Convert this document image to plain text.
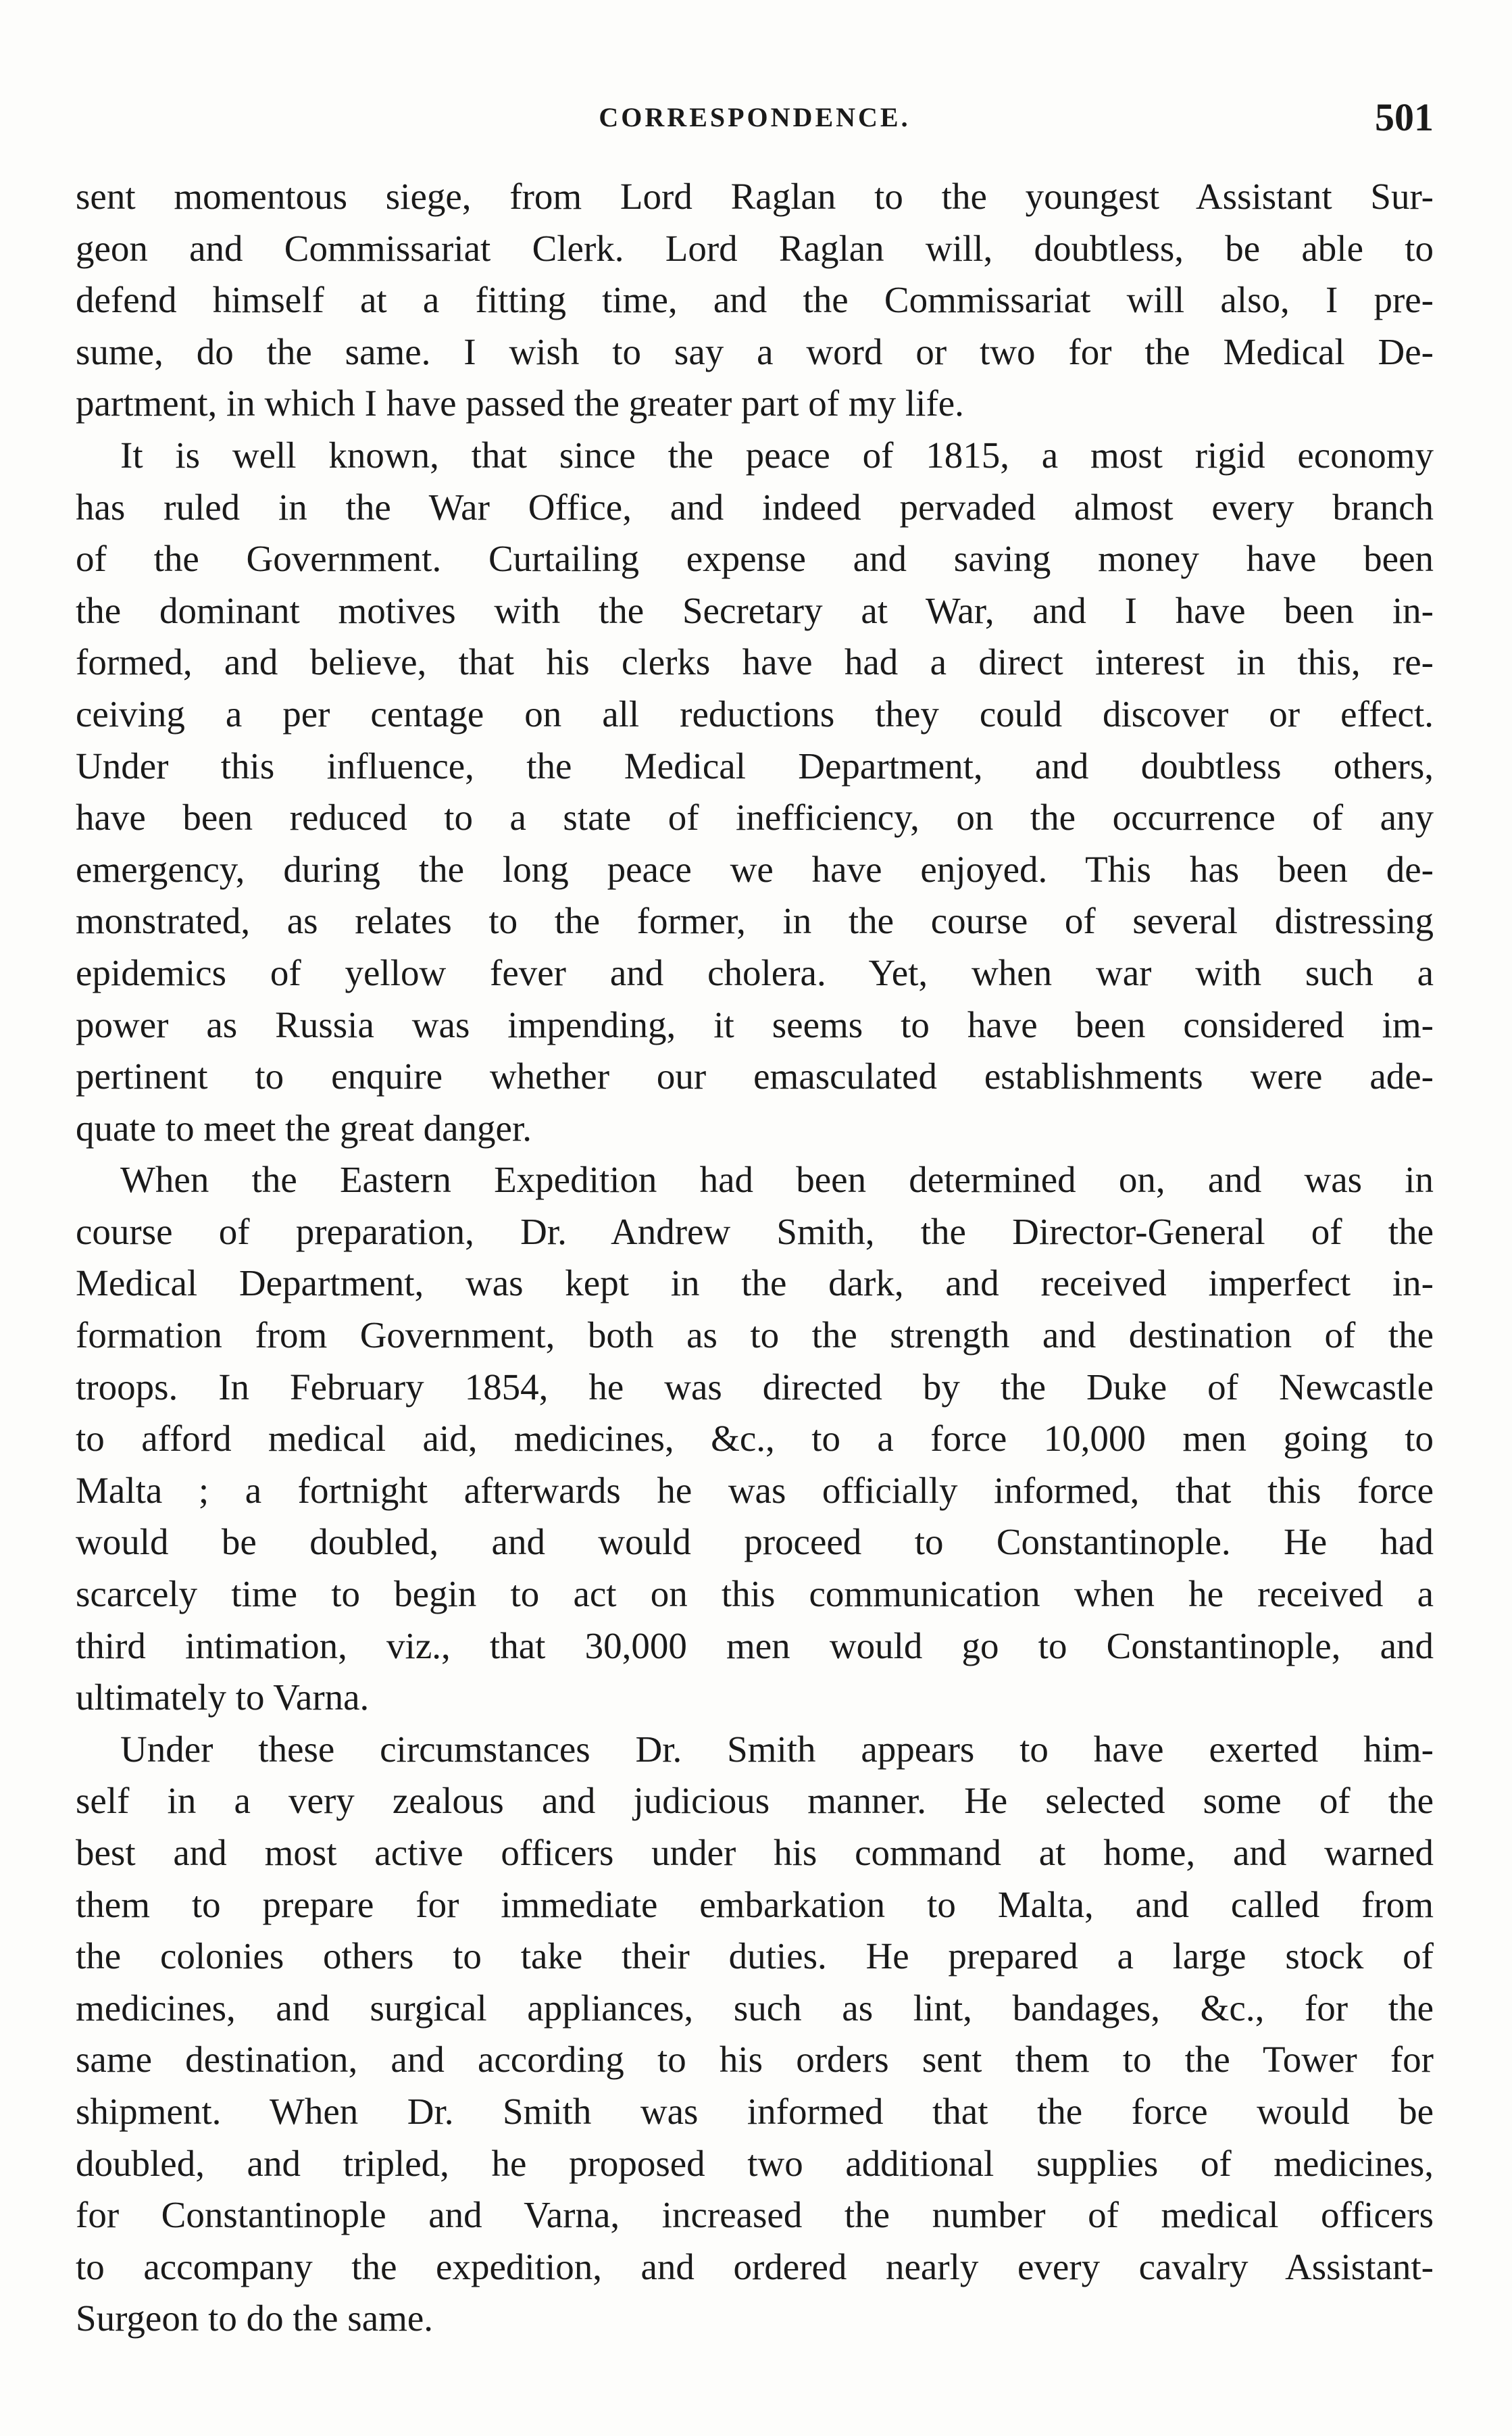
CORRESPONDENCE.	501
sent momentous siege, from Lord Raglan to the youngest Assistant Sur-
geon and Commissariat Clerk. Lord Raglan will, doubtless, be able to
defend himself at a fitting time, and the Commissariat will also, I pre-
sume, do the same. I wish to say a word or two for the Medical De-
partment, in which I have passed the greater part of my life.
It is well known, that since the peace of 1815, a most rigid economy
has ruled in the War Office, and indeed pervaded almost every branch
of the Government. Curtailing expense and saving money have been
the dominant motives with the Secretary at War, and I have been in-
formed, and believe, that his clerks have had a direct interest in this, re-
ceiving a per centage on all reductions they could discover or effect.
Under this influence, the Medical Department, and doubtless others,
have been reduced to a state of inefficiency, on the occurrence of any
emergency, during the long peace we have enjoyed. This has been de-
monstrated, as relates to the former, in the course of several distressing
epidemics of yellow fever and cholera. Yet, when war with such a
power as Russia was impending, it seems to have been considered im-
pertinent to enquire whether our emasculated establishments were ade-
quate to meet the great danger.
When the Eastern Expedition had been determined on, and was in
course of preparation, Dr. Andrew Smith, the Director-General of the
Medical Department, was kept in the dark, and received imperfect in-
formation from Government, both as to the strength and destination of the
troops. In February 1854, he was directed by the Duke of Newcastle
to afford medical aid, medicines, &c., to a force 10,000 men going to
Malta ; a fortnight afterwards he was officially informed, that this force
would be doubled, and would proceed to Constantinople. He had
scarcely time to begin to act on this communication when he received a
third intimation, viz., that 30,000 men would go to Constantinople, and
ultimately to Varna.
Under these circumstances Dr. Smith appears to have exerted him-
self in a very zealous and judicious manner. He selected some of the
best and most active officers under his command at home, and warned
them to prepare for immediate embarkation to Malta, and called from
the colonies others to take their duties. He prepared a large stock of
medicines, and surgical appliances, such as lint, bandages, &c., for the
same destination, and according to his orders sent them to the Tower for
shipment. When Dr. Smith was informed that the force would be
doubled, and tripled, he proposed two additional supplies of medicines,
for Constantinople and Varna, increased the number of medical officers
to accompany the expedition, and ordered nearly every cavalry Assistant-
Surgeon to do the same.
